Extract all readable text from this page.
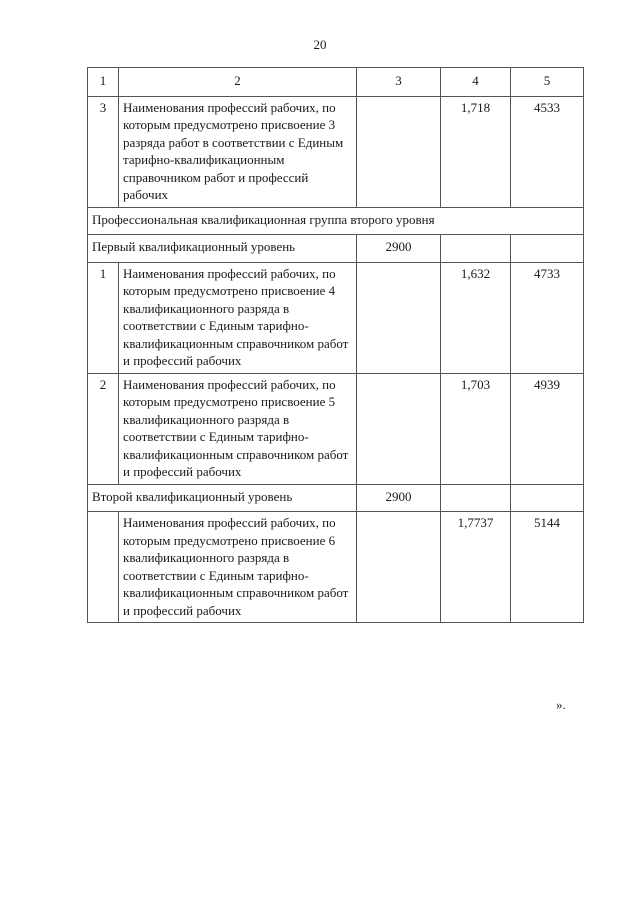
20
1	2	3	4	5
3	Наименования профессий рабочих, по которым предусмотрено присвоение 3 разряда работ в соответствии с Единым тарифно-квалификационным справочником работ и профессий рабочих		1,718	4533
Профессиональная квалификационная группа второго уровня				
Первый квалификационный уровень		2900		
1	Наименования профессий рабочих, по которым предусмотрено присвоение 4 квалификационного разряда в соответствии с Единым тарифно-квалификационным справочником работ и профессий рабочих		1,632	4733
2	Наименования профессий рабочих, по которым предусмотрено присвоение 5 квалификационного разряда в соответствии с Единым тарифно-квалификационным справочником работ и профессий рабочих		1,703	4939
Второй квалификационный уровень		2900		
	Наименования профессий рабочих, по которым предусмотрено присвоение 6 квалификационного разряда в соответствии с Единым тарифно-квалификационным справочником работ и профессий рабочих		1,7737	5144
».
